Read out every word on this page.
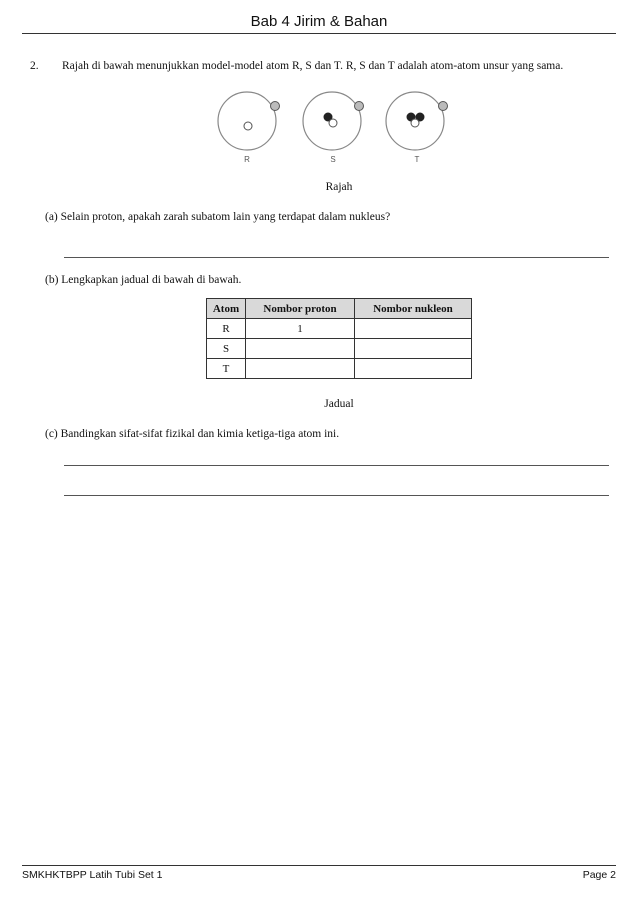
Bab 4 Jirim & Bahan
2. Rajah di bawah menunjukkan model-model atom R, S dan T. R, S dan T adalah atom-atom unsur yang sama.
R	S	T
Rajah
(a) Selain proton, apakah zarah subatom lain yang terdapat dalam nukleus?
(b) Lengkapkan jadual di bawah di bawah.
Atom	Nombor proton	Nombor nukleon
R	1	
S		
T		
Jadual
(c) Bandingkan sifat-sifat fizikal dan kimia ketiga-tiga atom ini.
SMKHKTBPP Latih Tubi Set 1	Page 2
